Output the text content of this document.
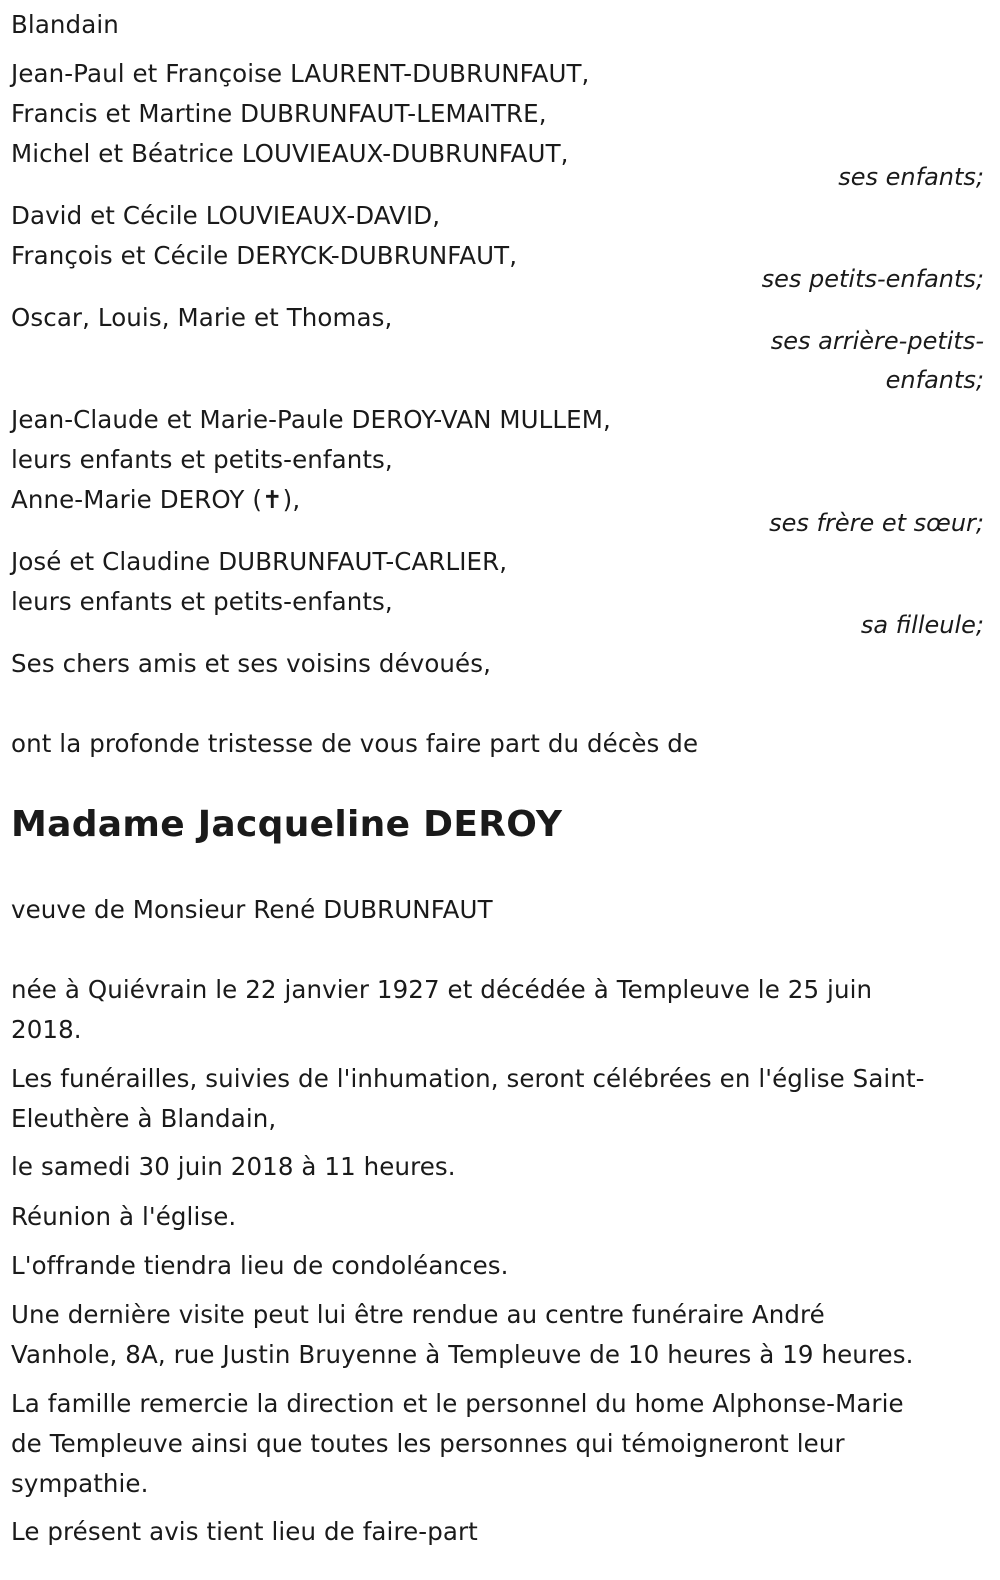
Blandain
Jean-Paul et Françoise LAURENT-DUBRUNFAUT,
Francis et Martine DUBRUNFAUT-LEMAITRE,
Michel et Béatrice LOUVIEAUX-DUBRUNFAUT,
ses enfants;
David et Cécile LOUVIEAUX-DAVID,
François et Cécile DERYCK-DUBRUNFAUT,
ses petits-enfants;
Oscar, Louis, Marie et Thomas,
ses arrière-petits-
enfants;
Jean-Claude et Marie-Paule DEROY-VAN MULLEM,
leurs enfants et petits-enfants,
Anne-Marie DEROY (✝),
ses frère et sœur;
José et Claudine DUBRUNFAUT-CARLIER,
leurs enfants et petits-enfants,
sa filleule;
Ses chers amis et ses voisins dévoués,
ont la profonde tristesse de vous faire part du décès de
Madame Jacqueline DEROY
veuve de Monsieur René DUBRUNFAUT
née à Quiévrain le 22 janvier 1927 et décédée à Templeuve le 25 juin
2018.
Les funérailles, suivies de l'inhumation, seront célébrées en l'église Saint-
Eleuthère à Blandain,
le samedi 30 juin 2018 à 11 heures.
Réunion à l'église.
L'offrande tiendra lieu de condoléances.
Une dernière visite peut lui être rendue au centre funéraire André
Vanhole, 8A, rue Justin Bruyenne à Templeuve de 10 heures à 19 heures.
La famille remercie la direction et le personnel du home Alphonse-Marie
de Templeuve ainsi que toutes les personnes qui témoigneront leur
sympathie.
Le présent avis tient lieu de faire-part
